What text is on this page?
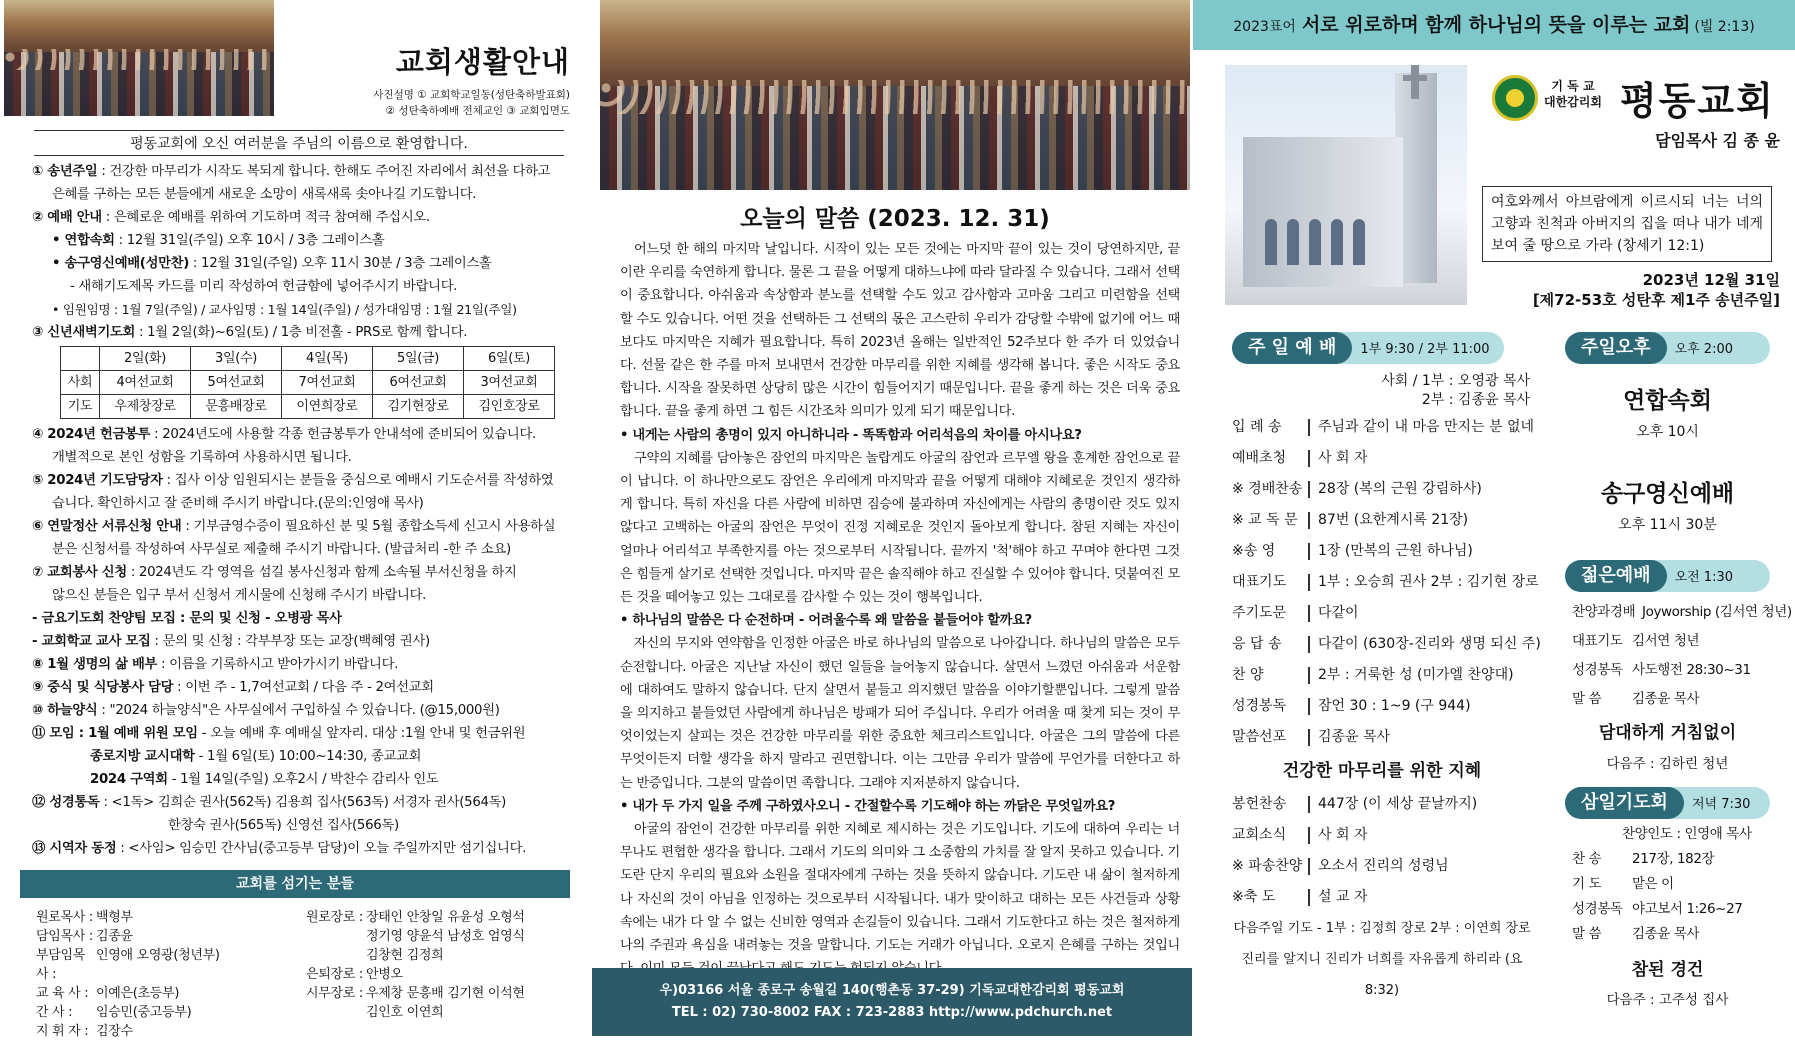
교회생활안내
사진설명 ① 교회학교일동(성탄축하발표회)
② 성탄축하예배 전체교인 ③ 교회입면도
평동교회에 오신 여러분을 주님의 이름으로 환영합니다.

① 송년주일 : 건강한 마무리가 시작도 복되게 합니다. 한해도 주어진 자리에서 최선을 다하고

은혜를 구하는 모든 분들에게 새로운 소망이 새록새록 솟아나길 기도합니다.

② 예배 안내 : 은혜로운 예배를 위하여 기도하며 적극 참여해 주십시오.

• 연합속회 : 12월 31일(주일) 오후 10시 / 3층 그레이스홀

• 송구영신예배(성만찬) : 12월 31일(주일) 오후 11시 30분 / 3층 그레이스홀

- 새해기도제목 카드를 미리 작성하여 헌금함에 넣어주시기 바랍니다.

• 임원임명 : 1월 7일(주일) / 교사임명 : 1월 14일(주일) / 성가대임명 : 1월 21일(주일)

③ 신년새벽기도회 : 1월 2일(화)~6일(토) / 1층 비전홀 - PRS로 함께 합니다.

	2일(화)	3일(수)	4일(목)	5일(금)	6일(토)
사회	4여선교회	5여선교회	7여선교회	6여선교회	3여선교회
기도	우제창장로	문흥배장로	이연희장로	김기현장로	김인호장로

④ 2024년 헌금봉투 : 2024년도에 사용할 각종 헌금봉투가 안내석에 준비되어 있습니다.

개별적으로 본인 성함을 기록하여 사용하시면 됩니다.

⑤ 2024년 기도담당자 : 집사 이상 임원되시는 분들을 중심으로 예배시 기도순서를 작성하였

습니다. 확인하시고 잘 준비해 주시기 바랍니다.(문의:인영애 목사)

⑥ 연말정산 서류신청 안내 : 기부금영수증이 필요하신 분 및 5월 종합소득세 신고시 사용하실

분은 신청서를 작성하여 사무실로 제출해 주시기 바랍니다. (발급처리 -한 주 소요)

⑦ 교회봉사 신청 : 2024년도 각 영역을 섬길 봉사신청과 함께 소속될 부서신청을 하지

않으신 분들은 입구 부서 신청서 게시물에 신청해 주시기 바랍니다.

- 금요기도회 찬양팀 모집 : 문의 및 신청 - 오병광 목사

- 교회학교 교사 모집 : 문의 및 신청 : 각부부장 또는 교장(백혜영 권사)

⑧ 1월 생명의 삶 배부 : 이름을 기록하시고 받아가시기 바랍니다.

⑨ 중식 및 식당봉사 담당 : 이번 주 - 1,7여선교회 / 다음 주 - 2여선교회

⑩ 하늘양식 : "2024 하늘양식"은 사무실에서 구입하실 수 있습니다. (@15,000원)

⑪ 모임 : 1월 예배 위원 모임 - 오늘 예배 후 예배실 앞자리. 대상 :1월 안내 및 헌금위원

종로지방 교시대학 - 1월 6일(토) 10:00~14:30, 종교교회

2024 구역회 - 1월 14일(주일) 오후2시 / 박찬수 감리사 인도

⑫ 성경통독 : <1독> 김희순 권사(562독) 김용희 집사(563독) 서경자 권사(564독)

한창숙 권사(565독) 신영선 집사(566독)

⑬ 시역자 동정 : <사임> 임승민 간사님(중고등부 담당)이 오늘 주일까지만 섬기십니다.

교회를 섬기는 분들
원로목사 : 백형부
담임목사 : 김종윤
부담임목사 :
인영애 오영광(청년부)
교 육 사 : 이예은(초등부)
간 사 :	임승민(중고등부)
지 휘 자 : 김장수
원로장로 : 장태인 안창일 유윤성 오형석
정기영 양윤석 남성호 엄영식
김창현 김정희
은퇴장로 : 안병오
시무장로 : 우제창 문흥배 김기현 이석현
김인호 이연희
오늘의 말씀 (2023. 12. 31)

어느덧 한 해의 마지막 날입니다. 시작이 있는 모든 것에는 마지막 끝이 있는 것이 당연하지만, 끝이란 우리를 숙연하게 합니다. 물론 그 끝을 어떻게 대하느냐에 따라 달라질 수 있습니다. 그래서 선택이 중요합니다. 아쉬움과 속상함과 분노를 선택할 수도 있고 감사함과 고마움 그리고 미련함을 선택할 수도 있습니다. 어떤 것을 선택하든 그 선택의 몫은 고스란히 우리가 감당할 수밖에 없기에 어느 때보다도 마지막은 지혜가 필요합니다. 특히 2023년 올해는 일반적인 52주보다 한 주가 더 있었습니다. 선물 같은 한 주를 마저 보내면서 건강한 마무리를 위한 지혜를 생각해 봅니다. 좋은 시작도 중요합니다. 시작을 잘못하면 상당히 많은 시간이 힘들어지기 때문입니다. 끝을 좋게 하는 것은 더욱 중요합니다. 끝을 좋게 하면 그 힘든 시간조차 의미가 있게 되기 때문입니다.

• 내게는 사람의 총명이 있지 아니하니라 - 똑똑함과 어리석음의 차이를 아시나요?

구약의 지혜를 담아놓은 잠언의 마지막은 놀랍게도 아굴의 잠언과 르무엘 왕을 훈계한 잠언으로 끝이 납니다. 이 하나만으로도 잠언은 우리에게 마지막과 끝을 어떻게 대해야 지혜로운 것인지 생각하게 합니다. 특히 자신을 다른 사람에 비하면 짐승에 불과하며 자신에게는 사람의 총명이란 것도 있지 않다고 고백하는 아굴의 잠언은 무엇이 진정 지혜로운 것인지 돌아보게 합니다. 참된 지혜는 자신이 얼마나 어리석고 부족한지를 아는 것으로부터 시작됩니다. 끝까지 '척'해야 하고 꾸며야 한다면 그것은 힘들게 살기로 선택한 것입니다. 마지막 끝은 솔직해야 하고 진실할 수 있어야 합니다. 덧붙여진 모든 것을 떼어놓고 있는 그대로를 감사할 수 있는 것이 행복입니다.

• 하나님의 말씀은 다 순전하며 - 어려울수록 왜 말씀을 붙들어야 할까요?

자신의 무지와 연약함을 인정한 아굴은 바로 하나님의 말씀으로 나아갑니다. 하나님의 말씀은 모두 순전합니다. 아굴은 지난날 자신이 했던 일들을 늘어놓지 않습니다. 살면서 느꼈던 아쉬움과 서운함에 대하여도 말하지 않습니다. 단지 살면서 붙들고 의지했던 말씀을 이야기할뿐입니다. 그렇게 말씀을 의지하고 붙들었던 사람에게 하나님은 방패가 되어 주십니다. 우리가 어려울 때 찾게 되는 것이 무엇이었는지 살피는 것은 건강한 마무리를 위한 중요한 체크리스트입니다. 아굴은 그의 말씀에 다른 무엇이든지 더할 생각을 하지 말라고 권면합니다. 이는 그만큼 우리가 말씀에 무언가를 더한다고 하는 반증입니다. 그분의 말씀이면 족합니다. 그래야 지저분하지 않습니다.

• 내가 두 가지 일을 주께 구하였사오니 - 간절할수록 기도해야 하는 까닭은 무엇일까요?

아굴의 잠언이 건강한 마무리를 위한 지혜로 제시하는 것은 기도입니다. 기도에 대하여 우리는 너무나도 편협한 생각을 합니다. 그래서 기도의 의미와 그 소중함의 가치를 잘 알지 못하고 있습니다. 기도란 단지 우리의 필요와 소원을 절대자에게 구하는 것을 뜻하지 않습니다. 기도란 내 삶이 철저하게 나 자신의 것이 아님을 인정하는 것으로부터 시작됩니다. 내가 맞이하고 대하는 모든 사건들과 상황 속에는 내가 다 알 수 없는 신비한 영역과 손길들이 있습니다. 그래서 기도한다고 하는 것은 철저하게 나의 주권과 욕심을 내려놓는 것을 말합니다. 기도는 거래가 아닙니다. 오로지 은혜를 구하는 것입니

우)03166 서울 종로구 송월길 140(행촌동 37-29) 기독교대한감리회 평동교회
TEL : 02) 730-8002 FAX : 723-2883 http://www.pdchurch.net
2023표어 서로 위로하며 함께 하나님의 뜻을 이루는 교회 (빌 2:13)
기 독 교
대한감리회 평동교회
담임목사 김 종 윤
여호와께서 아브람에게 이르시되 너는 너의 고향과 친척과 아버지의 집을 떠나 내가 네게 보여 줄 땅으로 가라 (창세기 12:1)
2023년 12월 31일
[제72-53호 성탄후 제1주 송년주일]
주 일 예 배 1부 9:30 / 2부 11:00
사회 / 1부 : 오영광 목사
2부 : 김종윤 목사
입 례 송	주님과 같이 내 마음 만지는 분 없네
예배초청	사 회 자
※ 경배찬송	28장 (복의 근원 강림하사)
※ 교 독 문	87번 (요한계시록 21장)
※송 영	1장 (만복의 근원 하나님)
대표기도	1부 : 오승희 권사 2부 : 김기현 장로
주기도문	다같이
응 답 송	다같이 (630장-진리와 생명 되신 주)
찬 양	2부 : 거룩한 성 (미가엘 찬양대)
성경봉독	잠언 30 : 1~9 (구 944)
말씀선포	김종윤 목사
건강한 마무리를 위한 지혜
봉헌찬송	447장 (이 세상 끝날까지)
교회소식	사 회 자
※ 파송찬양	오소서 진리의 성령님
※축 도	설 교 자
다음주일 기도 - 1부 : 김정희 장로 2부 : 이연희 장로
진리를 알지니 진리가 너희를 자유롭게 하리라 (요 8:32)
주일오후 오후 2:00
연합속회
오후 10시
송구영신예배
오후 11시 30분
젊은예배 오전 1:30
찬양과경배 Joyworship (김서연 청년)
대표기도 김서연 청년
성경봉독 사도행전 28:30~31
말 씀	김종윤 목사
담대하게 거침없이
다음주 : 김하린 청년
삼일기도회 저녁 7:30
찬양인도 : 인영애 목사
찬 송	217장, 182장
기 도	맡은 이
성경봉독 야고보서 1:26~27
말 씀	김종윤 목사
참된 경건
다음주 : 고주성 집사
